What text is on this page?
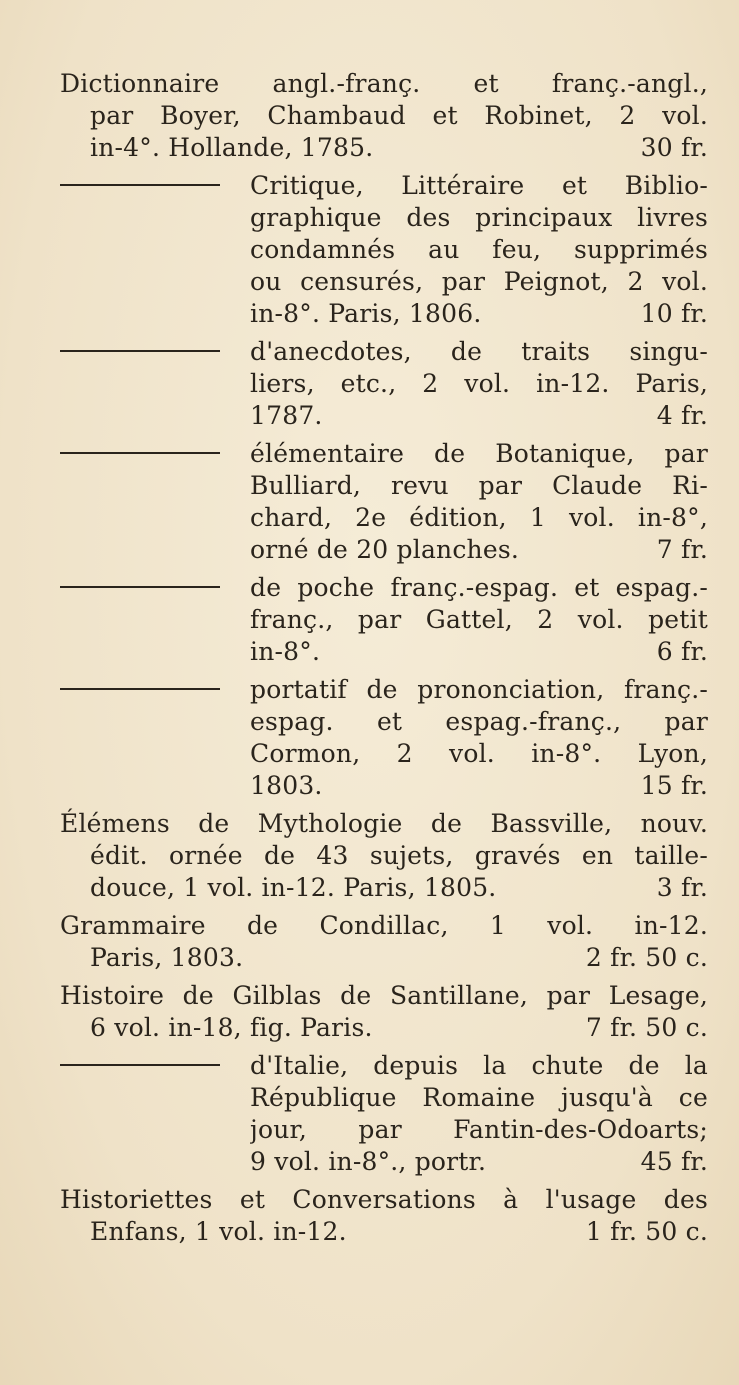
Dictionnaire angl.-franç. et franç.-angl.,
par Boyer, Chambaud et Robinet, 2 vol.
in-4°. Hollande, 1785.	30 fr.
Critique, Littéraire et Biblio-
graphique des principaux livres
condamnés au feu, supprimés
ou censurés, par Peignot, 2 vol.
in-8°. Paris, 1806.	10 fr.
d'anecdotes, de traits singu-
liers, etc., 2 vol. in-12. Paris,
1787.	4 fr.
élémentaire de Botanique, par
Bulliard, revu par Claude Ri-
chard, 2e édition, 1 vol. in-8°,
orné de 20 planches.	7 fr.
de poche franç.-espag. et espag.-
franç., par Gattel, 2 vol. petit
in-8°.	6 fr.
portatif de prononciation, franç.-
espag. et espag.-franç., par
Cormon, 2 vol. in-8°. Lyon,
1803.	15 fr.
Élémens de Mythologie de Bassville, nouv.
édit. ornée de 43 sujets, gravés en taille-
douce, 1 vol. in-12. Paris, 1805.	3 fr.
Grammaire de Condillac, 1 vol. in-12.
Paris, 1803.	2 fr. 50 c.
Histoire de Gilblas de Santillane, par Lesage,
6 vol. in-18, fig. Paris.	7 fr. 50 c.
d'Italie, depuis la chute de la
République Romaine jusqu'à ce
jour, par Fantin-des-Odoarts;
9 vol. in-8°., portr.	45 fr.
Historiettes et Conversations à l'usage des
Enfans, 1 vol. in-12.	1 fr. 50 c.
